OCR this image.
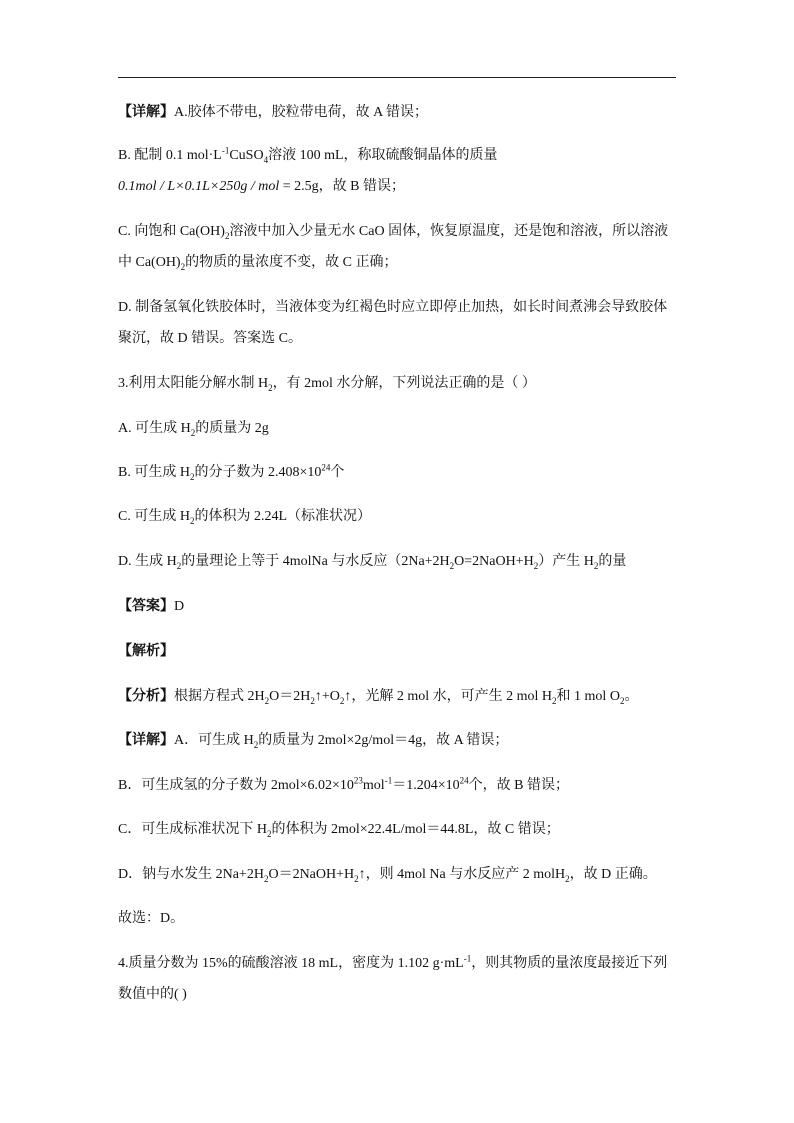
【详解】A.胶体不带电，胶粒带电荷，故 A 错误；
B. 配制 0.1 $mol\cdot L^{-1}CuSO_4$溶液 100 mL，称取硫酸铜晶体的质量
0.1mol / L×0.1L×250g / mol = 2.5g，故 B 错误；
C. 向饱和 $Ca(OH)_2$溶液中加入少量无水 CaO 固体，恢复原温度，还是饱和溶液，所以溶液
中 $Ca(OH)_2$的物质的量浓度不变，故 C 正确；
D. 制备氢氧化铁胶体时，当液体变为红褐色时应立即停止加热，如长时间煮沸会导致胶体
聚沉，故 D 错误。答案选 C。
3.利用太阳能分解水制 $H_2$，有 2mol 水分解，下列说法正确的是（ ）
A. 可生成 $H_2$的质量为 2g
B. 可生成 $H_2$的分子数为 $2.408\times 10^{24}$个
C. 可生成 $H_2$的体积为 2.24L（标准状况）
D. 生成 $H_2$的量理论上等于 4molNa 与水反应$(2Na+2H_2O=2NaOH+H_2)$产生 $H_2$的量
【答案】D
【解析】
【分析】根据方程式 $2H_2O=2H_2↑+O_2↑$，光解 2 mol 水，可产生 2 mol $H_2$和 1 mol $O_2$。
【详解】A．可生成 $H_2$的质量为 2mol×2g/mol＝4g，故 A 错误；
B．可生成氢的分子数为 $2mol\times 6.02\times 10^{23}mol^{-1}=1.204\times 10^{24}$个，故 B 错误；
C．可生成标准状况下 $H_2$的体积为 2mol×22.4L/mol＝44.8L，故 C 错误；
D．钠与水发生 $2Na+2H_2O=2NaOH+H_2↑$，则 4mol Na 与水反应产 2 molH$_2$，故 D 正确。
故选：D。
4.质量分数为 15%的硫酸溶液 18 mL，密度为 1.102 $g\cdot mL^{-1}$，则其物质的量浓度最接近下列
数值中的( )
